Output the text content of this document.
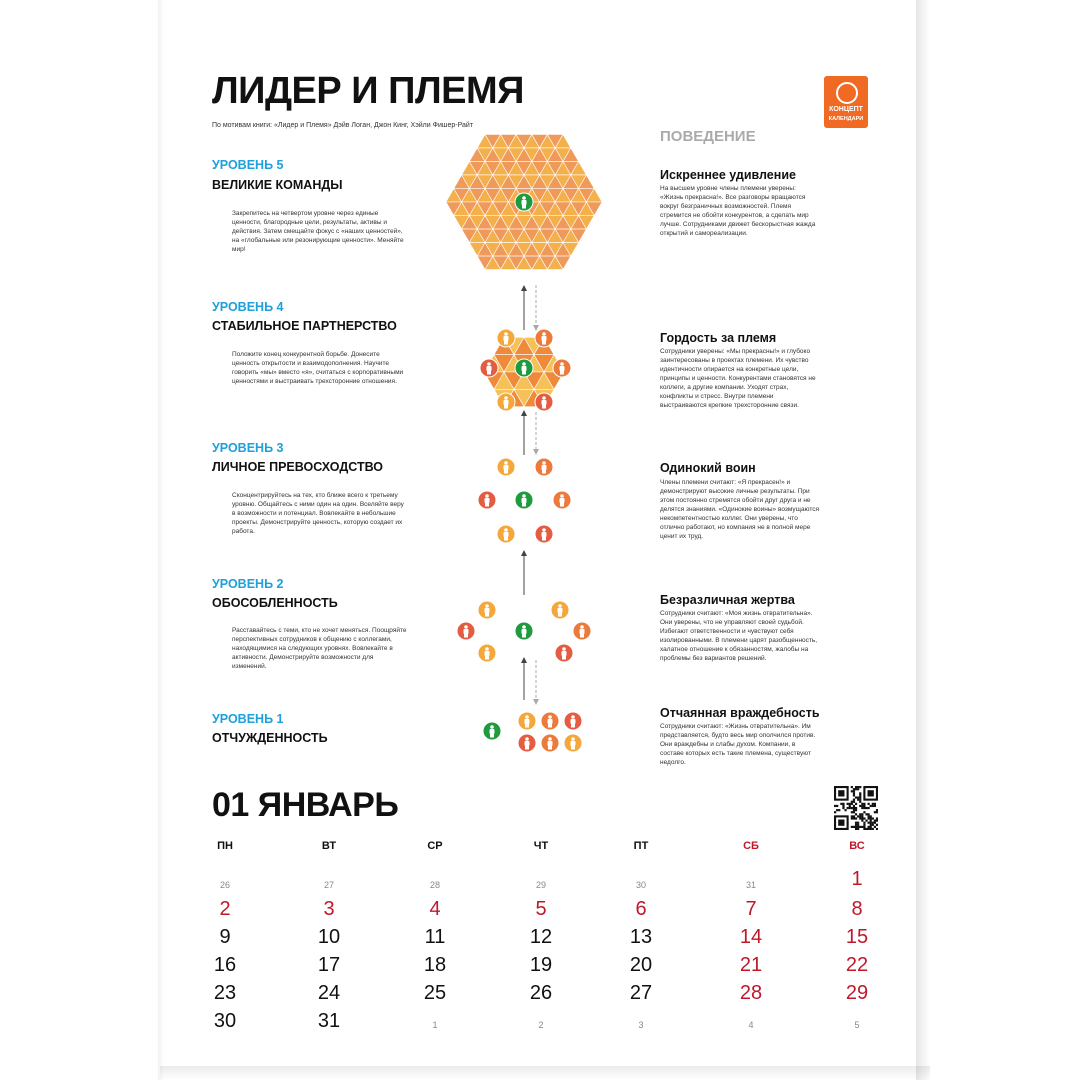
ЛИДЕР И ПЛЕМЯ
По мотивам книги: «Лидер и Племя» Дэйв Логан, Джон Кинг, Хэйли Фишер-Райт
КОНЦЕПТ
КАЛЕНДАРИ
ПОВЕДЕНИЕ
УРОВЕНЬ 5
ВЕЛИКИЕ КОМАНДЫ
Закрепитесь на четвертом уровне через единые ценности, благородные цели, результаты, активы и действия. Затем смещайте фокус с «наших ценностей», на «глобальные или резонирующие ценности». Меняйте мир!
УРОВЕНЬ 4
СТАБИЛЬНОЕ ПАРТНЕРСТВО
Положите конец конкурентной борьбе. Донесите ценность открытости и взаимодополнения. Научите говорить «мы» вместо «я», считаться с корпоративными ценностями и выстраивать трехсторонние отношения.
УРОВЕНЬ 3
ЛИЧНОЕ ПРЕВОСХОДСТВО
Сконцентрируйтесь на тех, кто ближе всего к третьему уровню. Общайтесь с ними один на один. Вселяйте веру в возможности и потенциал. Вовлекайте в небольшие проекты. Демонстрируйте ценность, которую создает их работа.
УРОВЕНЬ 2
ОБОСОБЛЕННОСТЬ
Расставайтесь с теми, кто не хочет меняться. Поощряйте перспективных сотрудников к общению с коллегами, находящимися на следующих уровнях. Вовлекайте в активности. Демонстрируйте возможности для изменений.
УРОВЕНЬ 1
ОТЧУЖДЕННОСТЬ
Искреннее удивление
На высшем уровне члены племени уверены: «Жизнь прекрасна!». Все разговоры вращаются вокруг безграничных возможностей. Племя стремится не обойти конкурентов, а сделать мир лучше. Сотрудниками движет бескорыстная жажда открытий и самореализации.
Гордость за племя
Сотрудники уверены: «Мы прекрасны!» и глубоко заинтересованы в проектах племени. Их чувство идентичности опирается на конкретные цели, принципы и ценности. Конкурентами становятся не коллеги, а другие компании. Уходят страх, конфликты и стресс. Внутри племени выстраиваются крепкие трехсторонние связи.
Одинокий воин
Члены племени считают: «Я прекрасен!» и демонстрируют высокие личные результаты. При этом постоянно стремятся обойти друг друга и не делятся знаниями. «Одинокие воины» возмущаются некомпетентностью коллег. Они уверены, что отлично работают, но компания не в полной мере ценит их труд.
Безразличная жертва
Сотрудники считают: «Моя жизнь отвратительна». Они уверены, что не управляют своей судьбой. Избегают ответственности и чувствуют себя изолированными. В племени царят разобщенность, халатное отношение к обязанностям, жалобы на проблемы без вариантов решений.
Отчаянная враждебность
Сотрудники считают: «Жизнь отвратительна». Им представляется, будто весь мир ополчился против. Они враждебны и слабы духом. Компании, в составе которых есть такие племена, существуют недолго.
01 ЯНВАРЬ
ПН	ВТ	СР	ЧТ	ПТ	СБ	ВС
26	27	28	29	30	31	1
2	3	4	5	6	7	8
9	10	11	12	13	14	15
16	17	18	19	20	21	22
23	24	25	26	27	28	29
30	31	1	2	3	4	5
